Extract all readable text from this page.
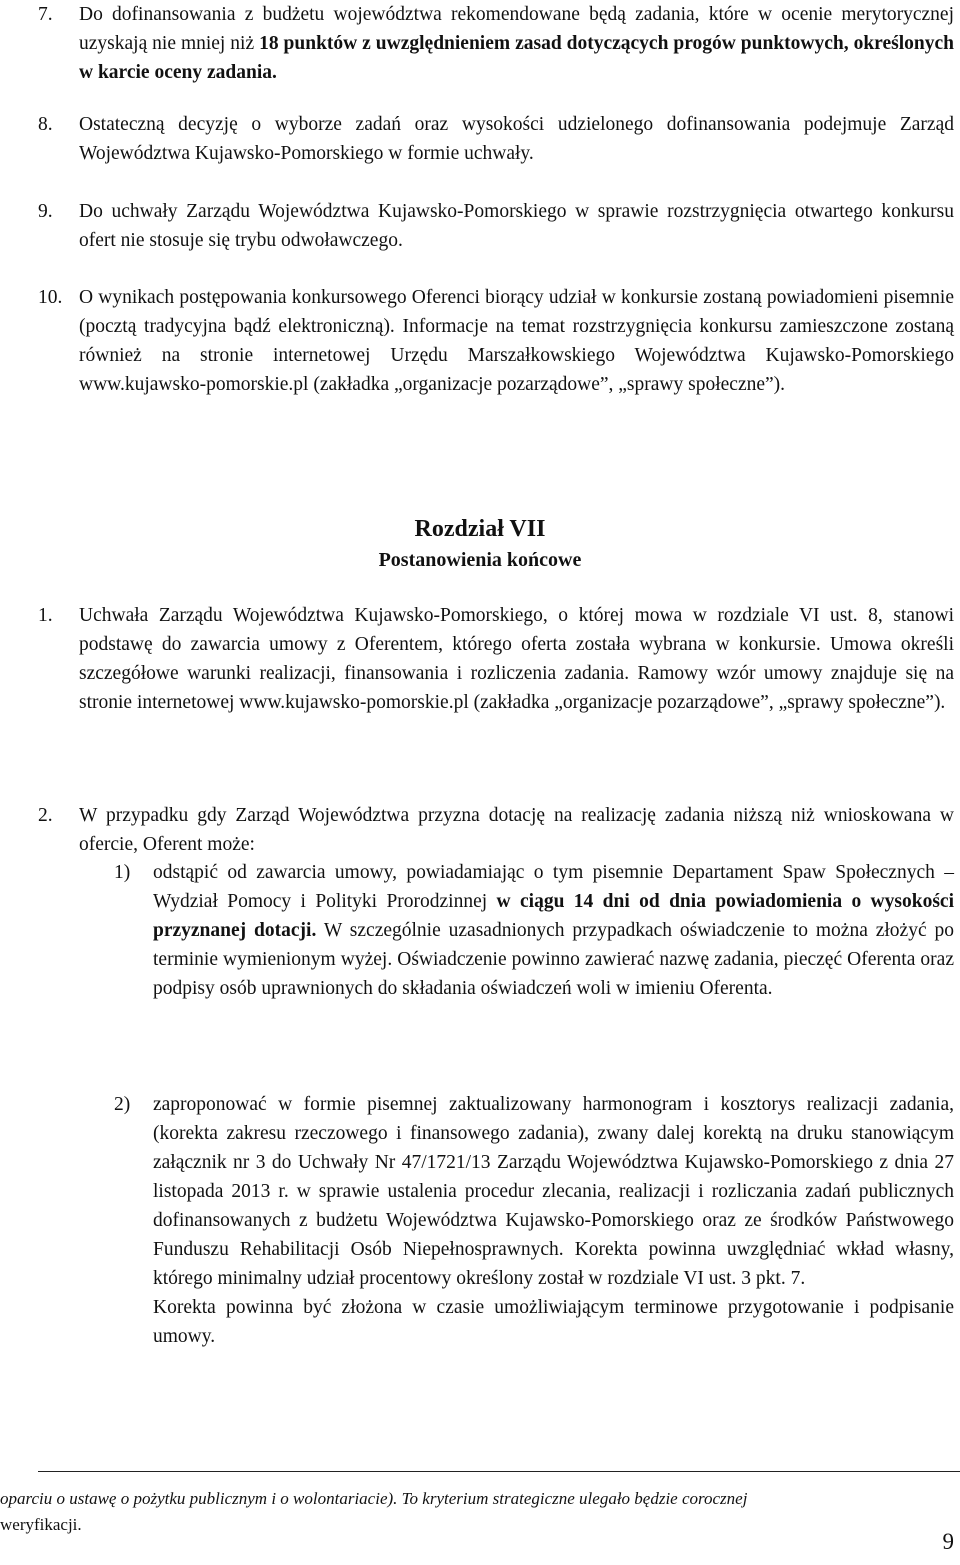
7. Do dofinansowania z budżetu województwa rekomendowane będą zadania, które w ocenie merytorycznej uzyskają nie mniej niż 18 punktów z uwzględnieniem zasad dotyczących progów punktowych, określonych w karcie oceny zadania.
8. Ostateczną decyzję o wyborze zadań oraz wysokości udzielonego dofinansowania podejmuje Zarząd Województwa Kujawsko-Pomorskiego w formie uchwały.
9. Do uchwały Zarządu Województwa Kujawsko-Pomorskiego w sprawie rozstrzygnięcia otwartego konkursu ofert nie stosuje się trybu odwoławczego.
10. O wynikach postępowania konkursowego Oferenci biorący udział w konkursie zostaną powiadomieni pisemnie (pocztą tradycyjna bądź elektroniczną). Informacje na temat rozstrzygnięcia konkursu zamieszczone zostaną również na stronie internetowej Urzędu Marszałkowskiego Województwa Kujawsko-Pomorskiego www.kujawsko-pomorskie.pl (zakładka „organizacje pozarządowe”, „sprawy społeczne”).
Rozdział VII
Postanowienia końcowe
1. Uchwała Zarządu Województwa Kujawsko-Pomorskiego, o której mowa w rozdziale VI ust. 8, stanowi podstawę do zawarcia umowy z Oferentem, którego oferta została wybrana w konkursie. Umowa określi szczegółowe warunki realizacji, finansowania i rozliczenia zadania. Ramowy wzór umowy znajduje się na stronie internetowej www.kujawsko-pomorskie.pl (zakładka „organizacje pozarządowe”, „sprawy społeczne”).
2. W przypadku gdy Zarząd Województwa przyzna dotację na realizację zadania niższą niż wnioskowana w ofercie, Oferent może:
1) odstąpić od zawarcia umowy, powiadamiając o tym pisemnie Departament Spaw Społecznych – Wydział Pomocy i Polityki Prorodzinnej w ciągu 14 dni od dnia powiadomienia o wysokości przyznanej dotacji. W szczególnie uzasadnionych przypadkach oświadczenie to można złożyć po terminie wymienionym wyżej. Oświadczenie powinno zawierać nazwę zadania, pieczęć Oferenta oraz podpisy osób uprawnionych do składania oświadczeń woli w imieniu Oferenta.
2) zaproponować w formie pisemnej zaktualizowany harmonogram i kosztorys realizacji zadania, (korekta zakresu rzeczowego i finansowego zadania), zwany dalej korektą na druku stanowiącym załącznik nr 3 do Uchwały Nr 47/1721/13 Zarządu Województwa Kujawsko-Pomorskiego z dnia 27 listopada 2013 r. w sprawie ustalenia procedur zlecania, realizacji i rozliczania zadań publicznych dofinansowanych z budżetu Województwa Kujawsko-Pomorskiego oraz ze środków Państwowego Funduszu Rehabilitacji Osób Niepełnosprawnych. Korekta powinna uwzględniać wkład własny, którego minimalny udział procentowy określony został w rozdziale VI ust. 3 pkt. 7.
Korekta powinna być złożona w czasie umożliwiającym terminowe przygotowanie i podpisanie umowy.
oparciu o ustawę o pożytku publicznym i o wolontariacie). To kryterium strategiczne ulegało będzie corocznej
weryfikacji.
9
